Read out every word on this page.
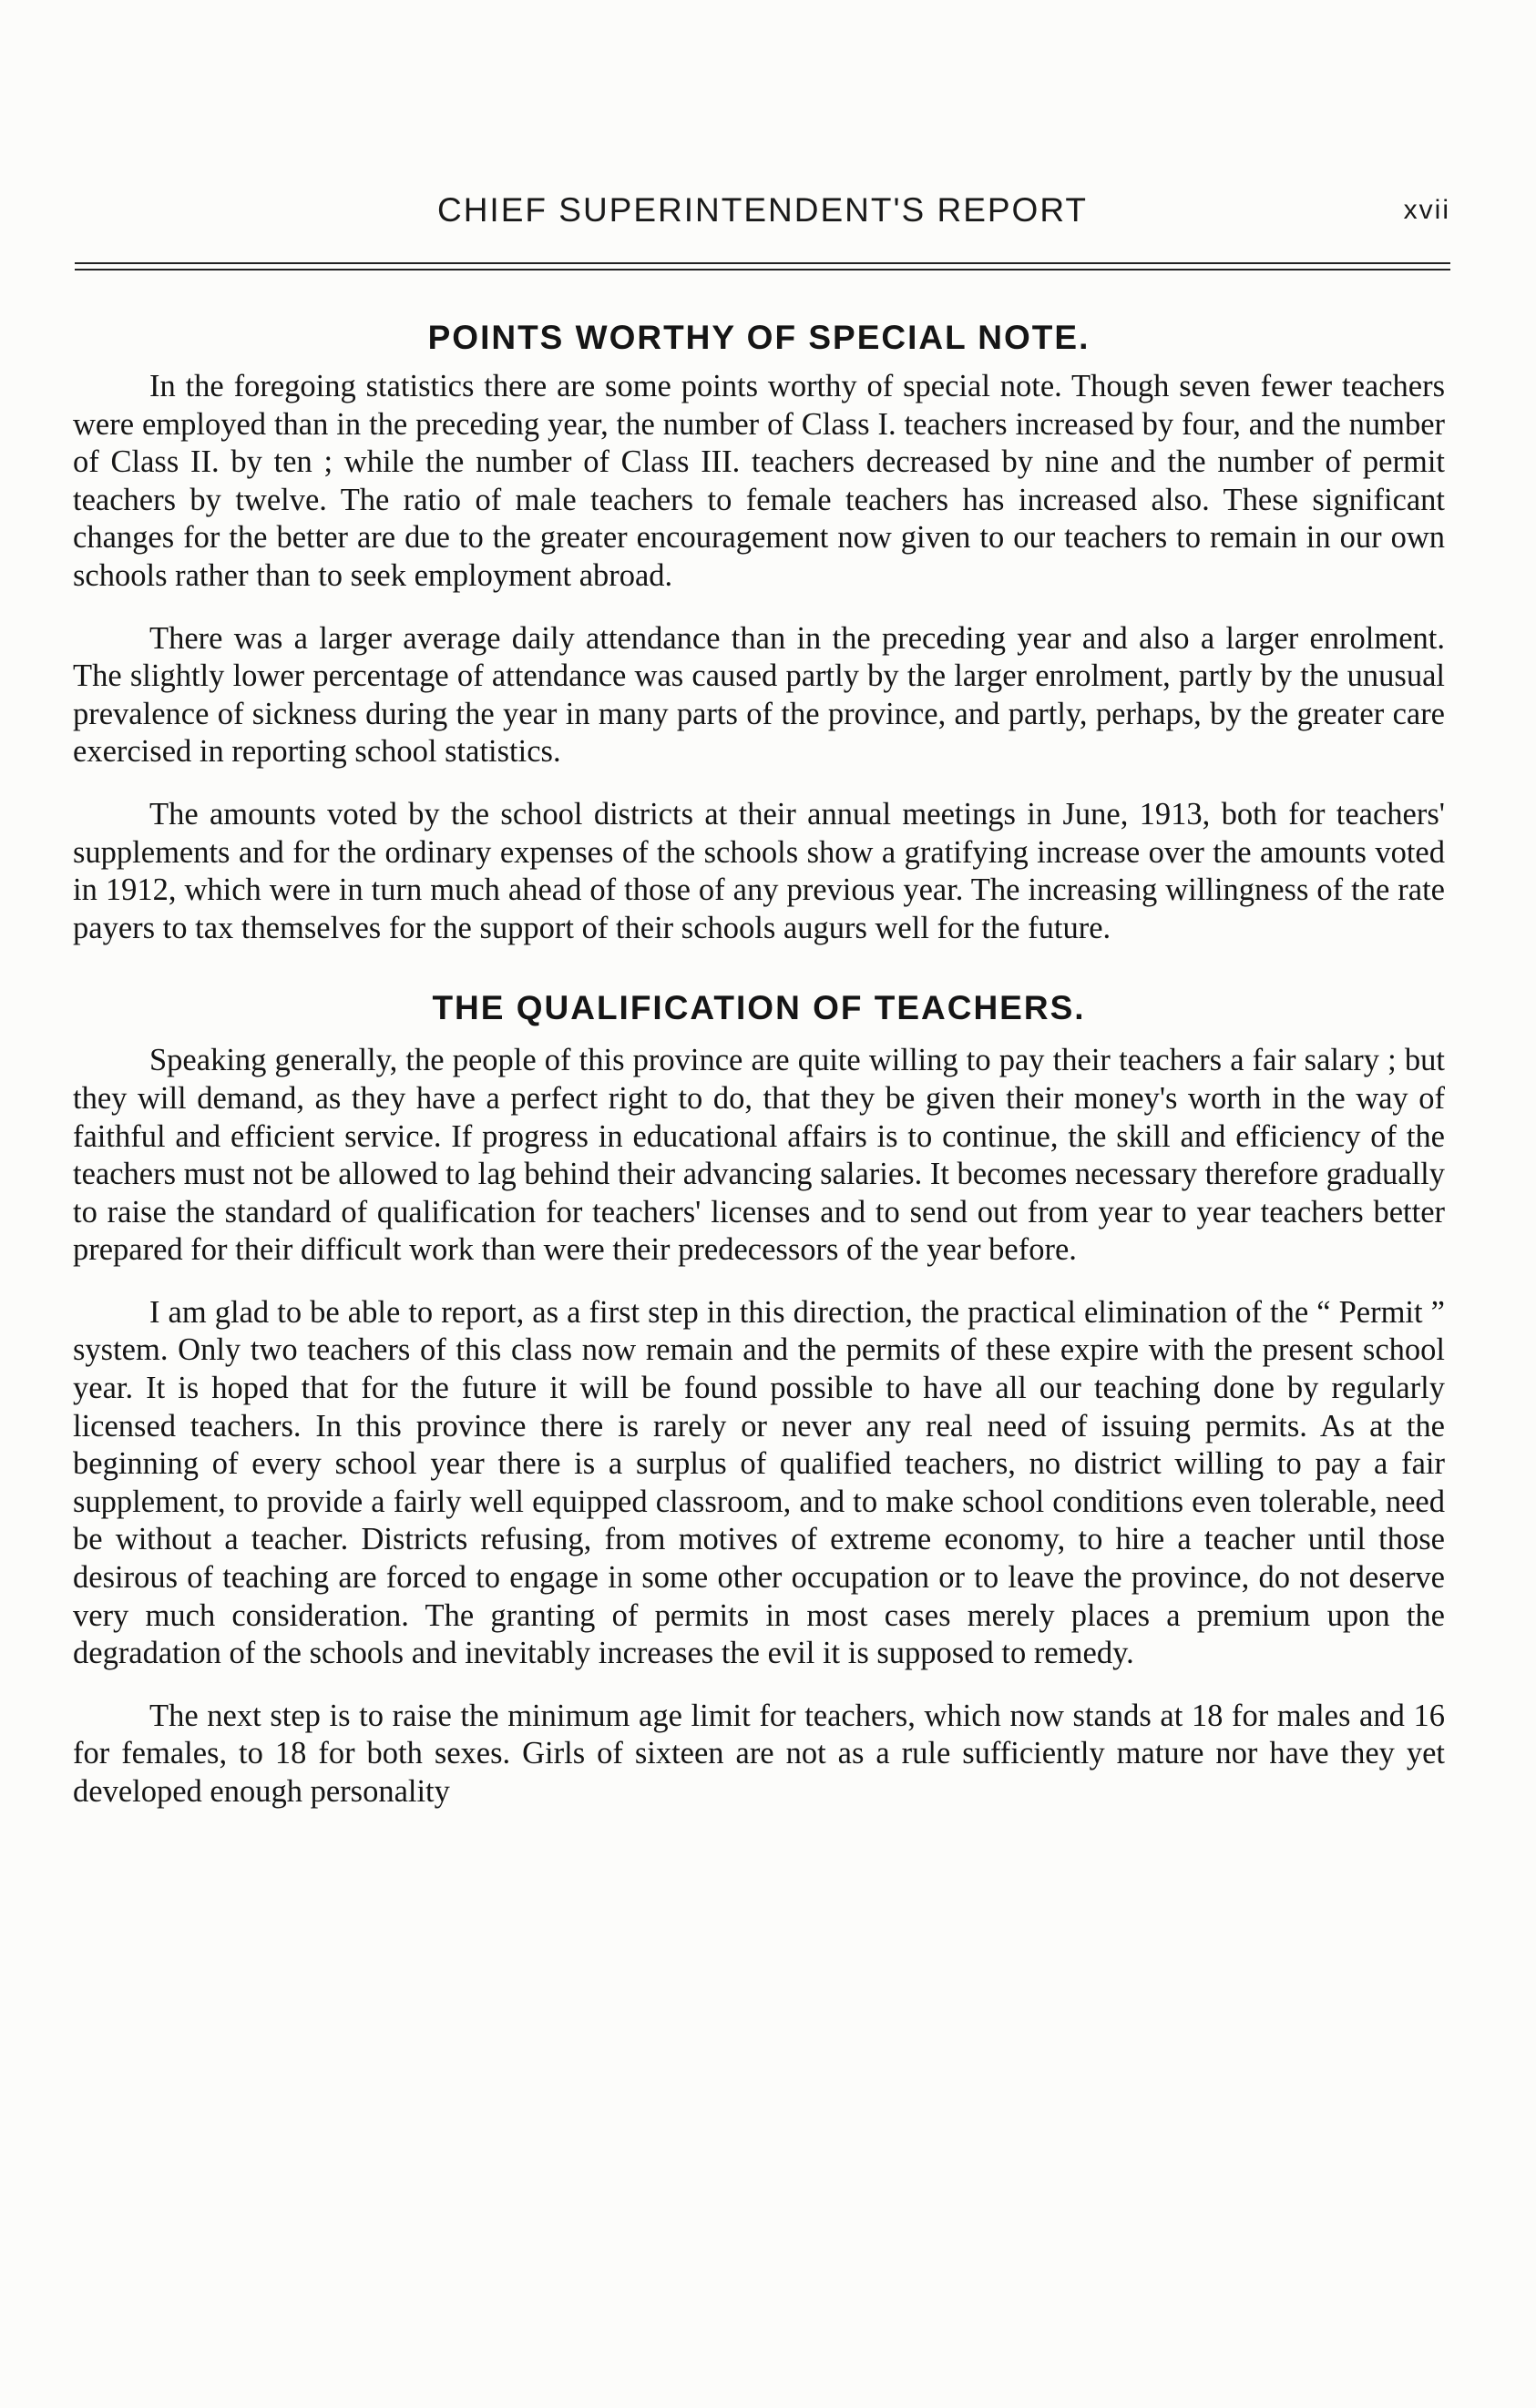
CHIEF SUPERINTENDENT'S REPORT	xvii
POINTS WORTHY OF SPECIAL NOTE.

In the foregoing statistics there are some points worthy of special note. Though seven fewer teachers were employed than in the preceding year, the number of Class I. teachers increased by four, and the number of Class II. by ten ; while the number of Class III. teachers decreased by nine and the number of permit teachers by twelve. The ratio of male teachers to female teachers has increased also. These significant changes for the better are due to the greater encouragement now given to our teachers to remain in our own schools rather than to seek employment abroad.

There was a larger average daily attendance than in the preceding year and also a larger enrolment. The slightly lower percentage of attendance was caused partly by the larger enrolment, partly by the unusual prevalence of sickness during the year in many parts of the province, and partly, perhaps, by the greater care exercised in reporting school statistics.

The amounts voted by the school districts at their annual meetings in June, 1913, both for teachers' supplements and for the ordinary expenses of the schools show a gratifying increase over the amounts voted in 1912, which were in turn much ahead of those of any previous year. The increasing willingness of the rate payers to tax themselves for the support of their schools augurs well for the future.

THE QUALIFICATION OF TEACHERS.

Speaking generally, the people of this province are quite willing to pay their teachers a fair salary ; but they will demand, as they have a perfect right to do, that they be given their money's worth in the way of faithful and efficient service. If progress in educational affairs is to continue, the skill and efficiency of the teachers must not be allowed to lag behind their advancing salaries. It becomes necessary therefore gradually to raise the standard of qualification for teachers' licenses and to send out from year to year teachers better prepared for their difficult work than were their predecessors of the year before.

I am glad to be able to report, as a first step in this direction, the practical elimination of the “ Permit ” system. Only two teachers of this class now remain and the permits of these expire with the present school year. It is hoped that for the future it will be found possible to have all our teaching done by regularly licensed teachers. In this province there is rarely or never any real need of issuing permits. As at the beginning of every school year there is a surplus of qualified teachers, no district willing to pay a fair supplement, to provide a fairly well equipped classroom, and to make school conditions even tolerable, need be without a teacher. Districts refusing, from motives of extreme economy, to hire a teacher until those desirous of teaching are forced to engage in some other occupation or to leave the province, do not deserve very much consideration. The granting of permits in most cases merely places a premium upon the degradation of the schools and inevitably increases the evil it is supposed to remedy.

The next step is to raise the minimum age limit for teachers, which now stands at 18 for males and 16 for females, to 18 for both sexes. Girls of sixteen are not as a rule sufficiently mature nor have they yet developed enough personality
